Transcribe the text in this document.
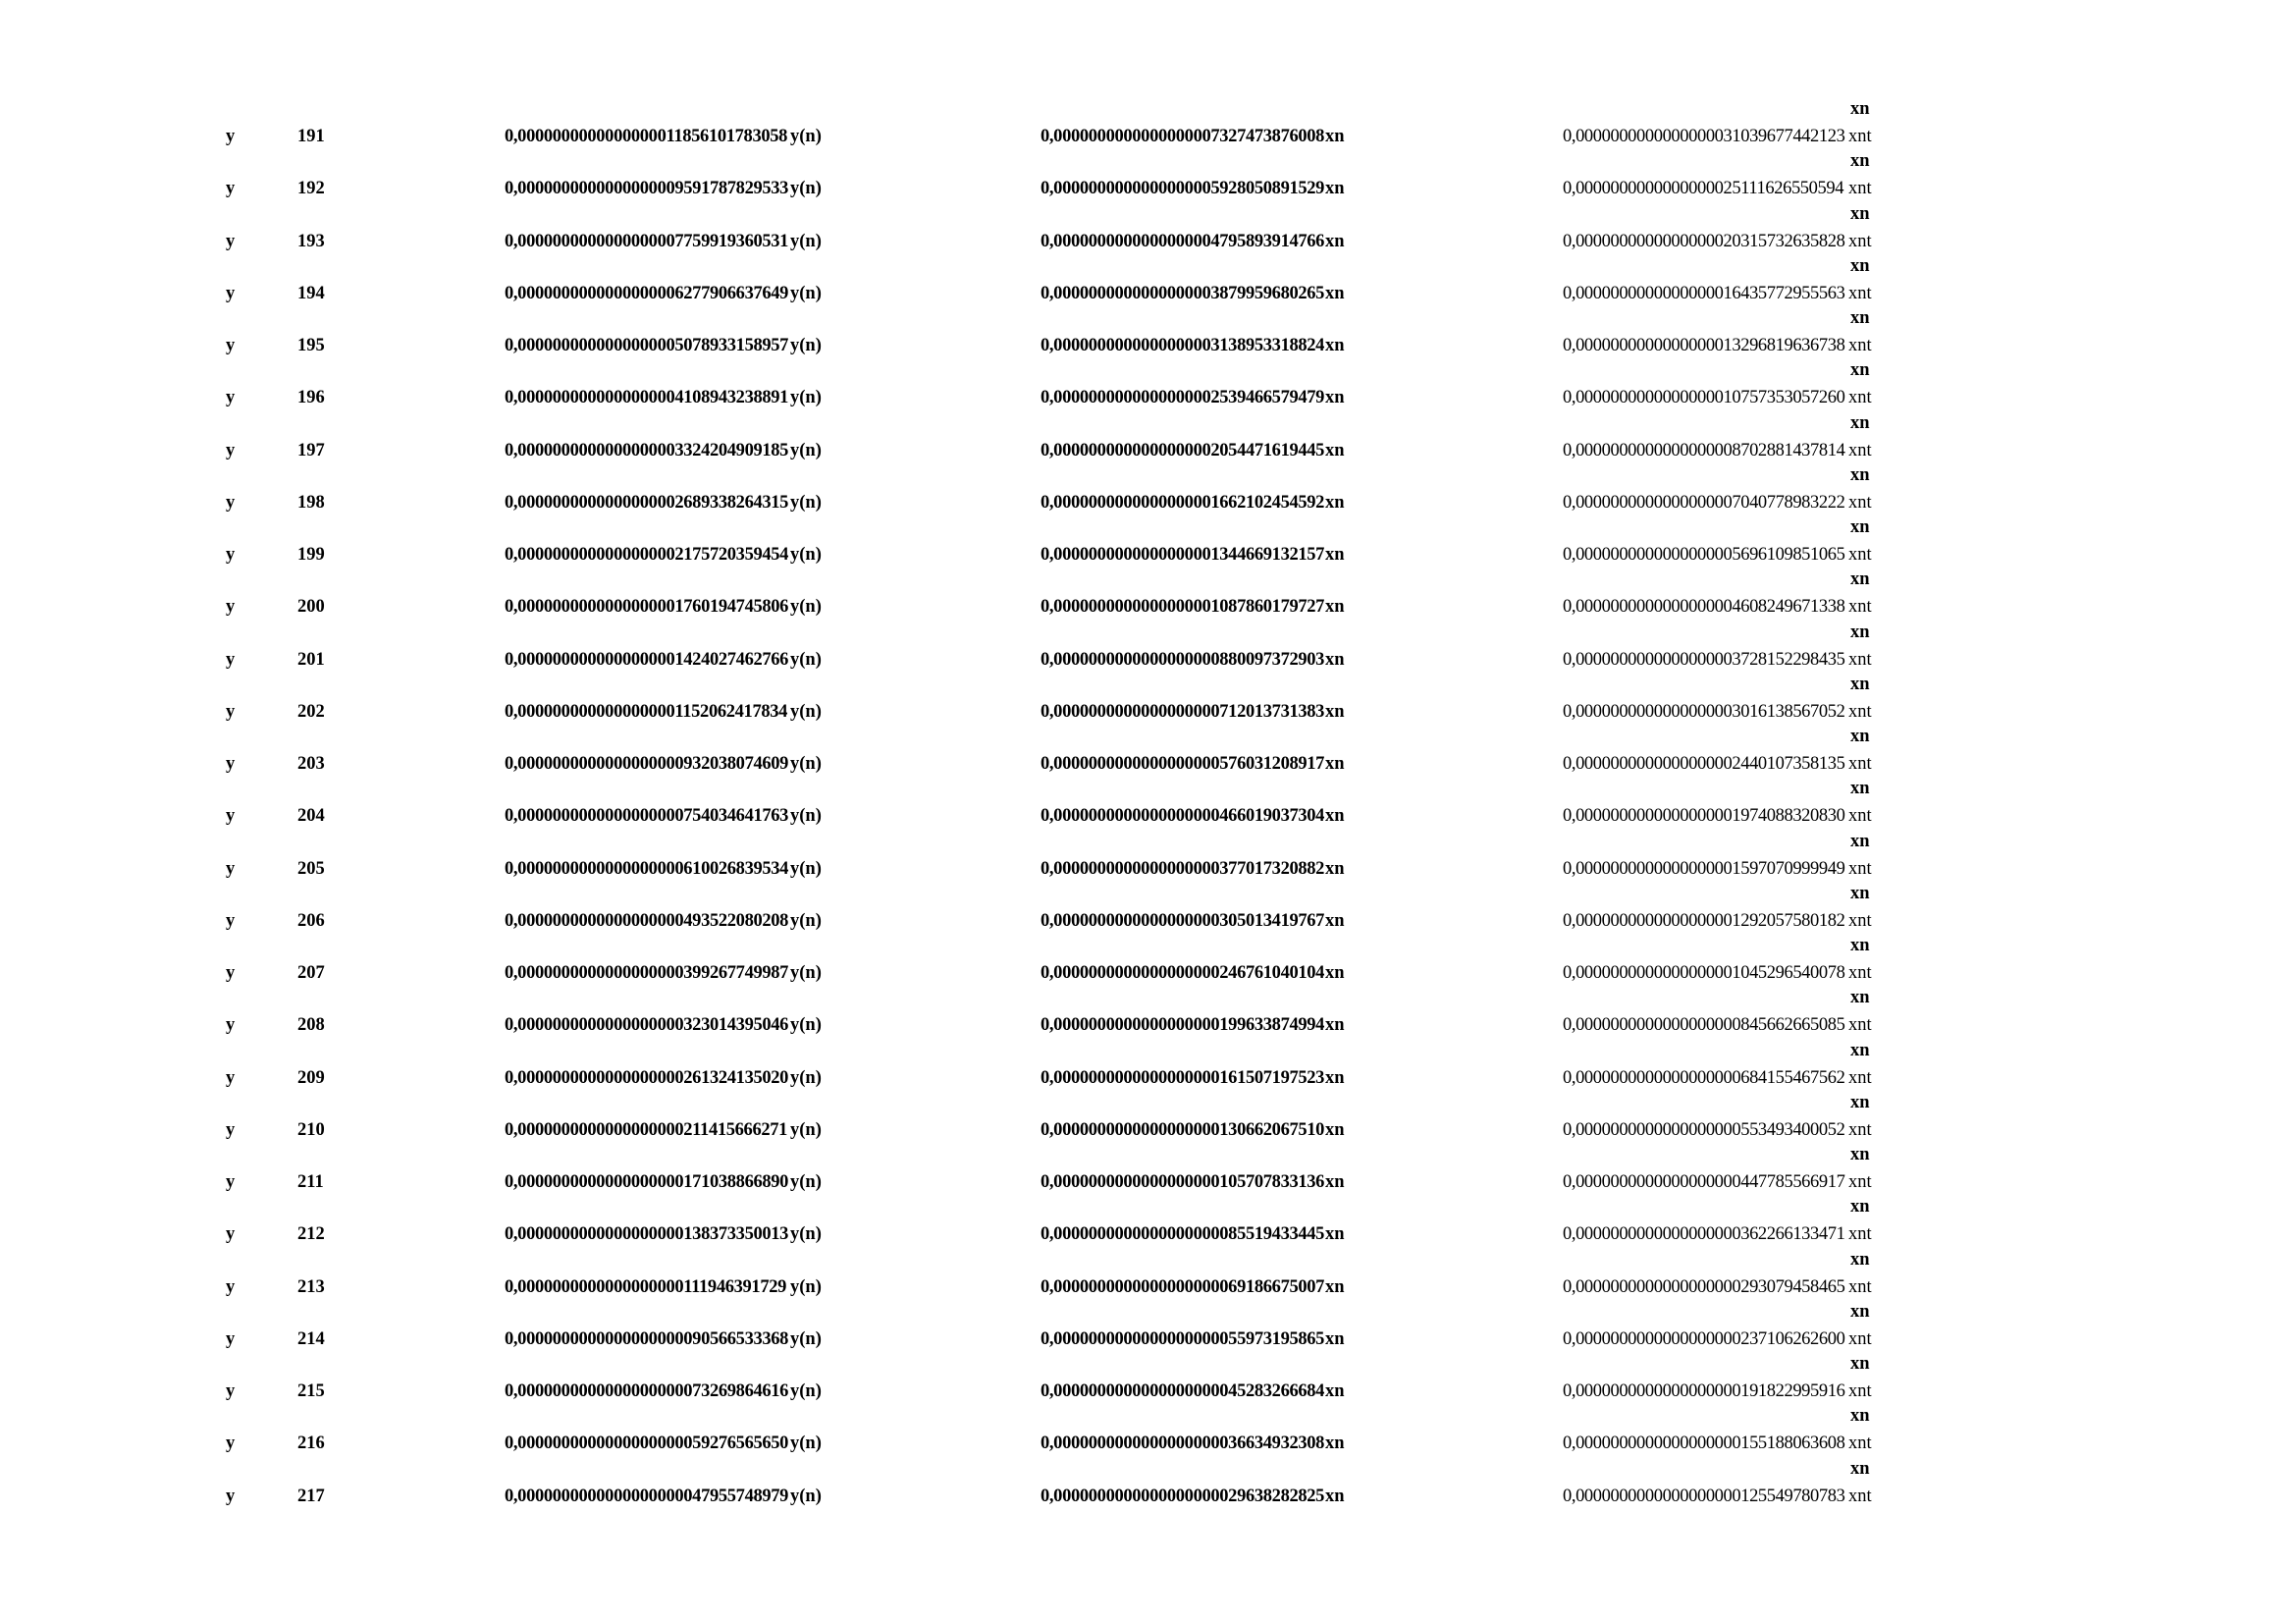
xn
y	191	0,0000000000000000011856101783058 y(n)	0,0000000000000000007327473876008 xn	0,0000000000000000031039677442123 xnt
xn
y	192	0,0000000000000000009591787829533 y(n)	0,0000000000000000005928050891529 xn	0,0000000000000000025111626550594 xnt
xn
y	193	0,0000000000000000007759919360531 y(n)	0,0000000000000000004795893914766 xn	0,0000000000000000020315732635828 xnt
xn
y	194	0,0000000000000000006277906637649 y(n)	0,0000000000000000003879959680265 xn	0,0000000000000000016435772955563 xnt
xn
y	195	0,0000000000000000005078933158957 y(n)	0,0000000000000000003138953318824 xn	0,0000000000000000013296819636738 xnt
xn
y	196	0,0000000000000000004108943238891 y(n)	0,0000000000000000002539466579479 xn	0,0000000000000000010757353057260 xnt
xn
y	197	0,0000000000000000003324204909185 y(n)	0,0000000000000000002054471619445 xn	0,0000000000000000008702881437814 xnt
xn
y	198	0,0000000000000000002689338264315 y(n)	0,0000000000000000001662102454592 xn	0,0000000000000000007040778983222 xnt
xn
y	199	0,0000000000000000002175720359454 y(n)	0,0000000000000000001344669132157 xn	0,0000000000000000005696109851065 xnt
xn
y	200	0,0000000000000000001760194745806 y(n)	0,0000000000000000001087860179727 xn	0,0000000000000000004608249671338 xnt
xn
y	201	0,0000000000000000001424027462766 y(n)	0,0000000000000000000880097372903 xn	0,0000000000000000003728152298435 xnt
xn
y	202	0,0000000000000000001152062417834 y(n)	0,0000000000000000000712013731383 xn	0,0000000000000000003016138567052 xnt
xn
y	203	0,0000000000000000000932038074609 y(n)	0,0000000000000000000576031208917 xn	0,0000000000000000002440107358135 xnt
xn
y	204	0,0000000000000000000754034641763 y(n)	0,0000000000000000000466019037304 xn	0,0000000000000000001974088320830 xnt
xn
y	205	0,0000000000000000000610026839534 y(n)	0,0000000000000000000377017320882 xn	0,0000000000000000001597070999949 xnt
xn
y	206	0,0000000000000000000493522080208 y(n)	0,0000000000000000000305013419767 xn	0,0000000000000000001292057580182 xnt
xn
y	207	0,0000000000000000000399267749987 y(n)	0,0000000000000000000246761040104 xn	0,0000000000000000001045296540078 xnt
xn
y	208	0,0000000000000000000323014395046 y(n)	0,0000000000000000000199633874994 xn	0,0000000000000000000845662665085 xnt
xn
y	209	0,0000000000000000000261324135020 y(n)	0,0000000000000000000161507197523 xn	0,0000000000000000000684155467562 xnt
xn
y	210	0,0000000000000000000211415666271 y(n)	0,0000000000000000000130662067510 xn	0,0000000000000000000553493400052 xnt
xn
y	211	0,0000000000000000000171038866890 y(n)	0,0000000000000000000105707833136 xn	0,0000000000000000000447785566917 xnt
xn
y	212	0,0000000000000000000138373350013 y(n)	0,0000000000000000000085519433445 xn	0,0000000000000000000362266133471 xnt
xn
y	213	0,0000000000000000000111946391729 y(n)	0,0000000000000000000069186675007 xn	0,0000000000000000000293079458465 xnt
xn
y	214	0,0000000000000000000090566533368 y(n)	0,0000000000000000000055973195865 xn	0,0000000000000000000237106262600 xnt
xn
y	215	0,0000000000000000000073269864616 y(n)	0,0000000000000000000045283266684 xn	0,0000000000000000000191822995916 xnt
xn
y	216	0,0000000000000000000059276565650 y(n)	0,0000000000000000000036634932308 xn	0,0000000000000000000155188063608 xnt
xn
y	217	0,0000000000000000000047955748979 y(n)	0,0000000000000000000029638282825 xn	0,0000000000000000000125549780783 xnt
